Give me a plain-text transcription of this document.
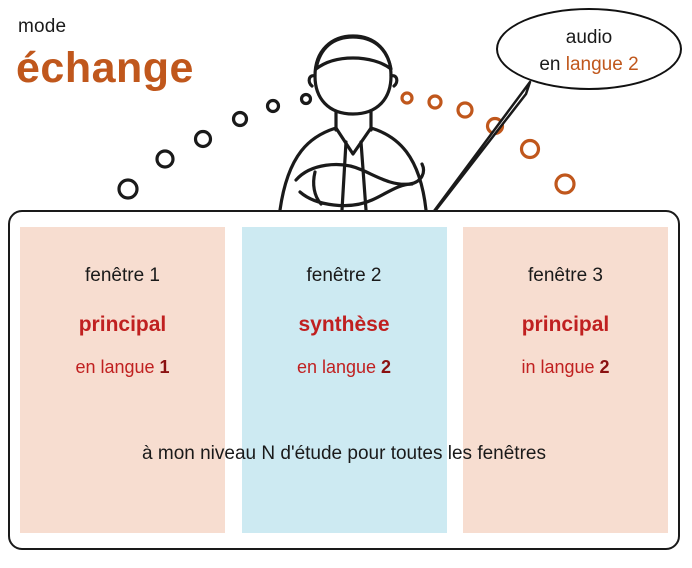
mode
échange
audio
en langue 2
fenêtre 1
principal
en langue 1
fenêtre 2
synthèse
en langue 2
fenêtre 3
principal
in langue 2
à mon niveau N d'étude pour toutes les fenêtres
